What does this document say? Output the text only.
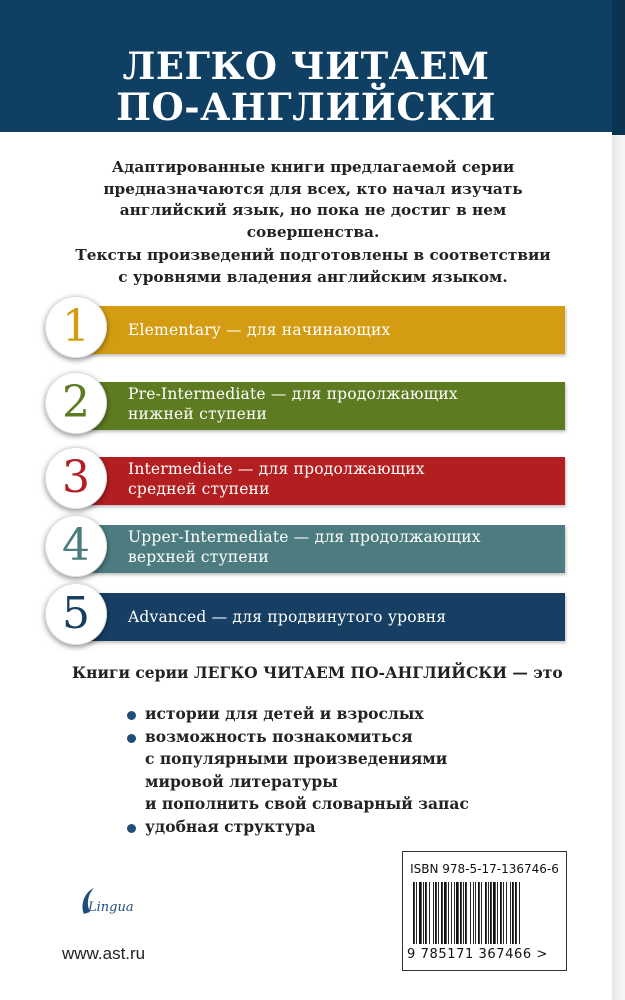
ЛЕГКО ЧИТАЕМ
ПО-АНГЛИЙСКИ
Адаптированные книги предлагаемой серии
предназначаются для всех, кто начал изучать
английский язык, но пока не достиг в нем
совершенства.
Тексты произведений подготовлены в соответствии
с уровнями владения английским языком.
Elementary — для начинающих
1
Pre-Intermediate — для продолжающих
нижней ступени
2
Intermediate — для продолжающих
средней ступени
3
Upper-Intermediate — для продолжающих
верхней ступени
4
Advanced — для продвинутого уровня
5
Книги серии ЛЕГКО ЧИТАЕМ ПО-АНГЛИЙСКИ — это
истории для детей и взрослых
возможность познакомиться
с популярными произведениями
мировой литературы
и пополнить свой словарный запас
удобная структура
ISBN 978-5-17-136746-6
9 785171 367466 >
Lingua
www.ast.ru
